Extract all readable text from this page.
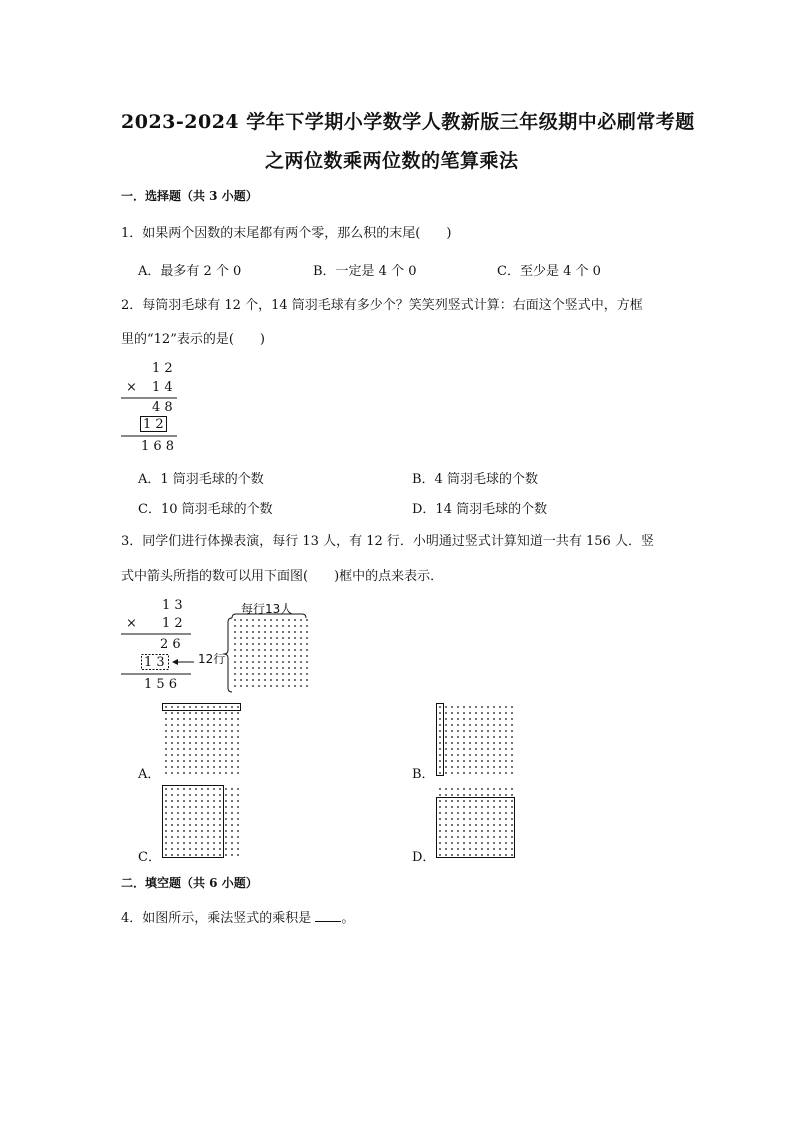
2023-2024 学年下学期小学数学人教新版三年级期中必刷常考题
之两位数乘两位数的笔算乘法
一．选择题（共 3 小题）
1．如果两个因数的末尾都有两个零，那么积的末尾(　　)
A．最多有 2 个 0	B．一定是 4 个 0	C．至少是 4 个 0
2．每筒羽毛球有 12 个，14 筒羽毛球有多少个？笑笑列竖式计算：右面这个竖式中，方框
里的“12”表示的是(　　)
1 2
× 1 4
4 8
1 2
1 6 8
A．1 筒羽毛球的个数	B．4 筒羽毛球的个数
C．10 筒羽毛球的个数	D．14 筒羽毛球的个数
3．同学们进行体操表演，每行 13 人，有 12 行．小明通过竖式计算知道一共有 156 人．竖
式中箭头所指的数可以用下面图(　　)框中的点来表示．
1 3
× 1 2
2 6
1 3
1 5 6
每行13人
12行
A．	B．
C．	D．
二．填空题（共 6 小题）
4．如图所示，乘法竖式的乘积是 。
